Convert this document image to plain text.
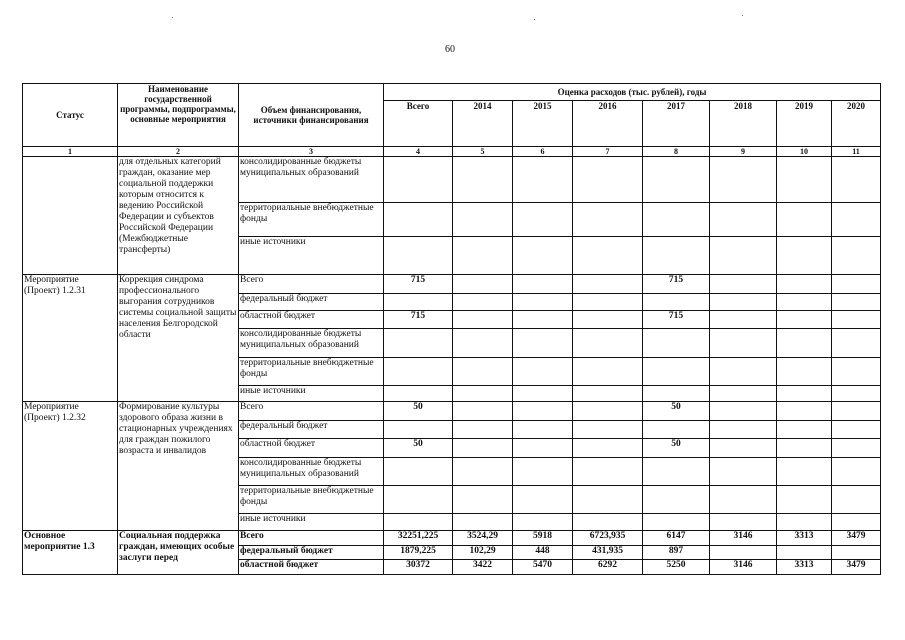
60
Статус	Наименование государственной программы, подпрограммы, основные мероприятия	Объем финансирования, источники финансирования	Оценка расходов (тыс. рублей), годы							
			Всего	2014	2015	2016	2017	2018	2019	2020
1	2	3	4	5	6	7	8	9	10	11
	для отдельных категорий граждан, оказание мер социальной поддержки которым относится к ведению Российской Федерации и субъектов Российской Федерации (Межбюджетные трансферты)	консолидированные бюджеты муниципальных образований								
		территориальные внебюджетные фонды								
		иные источники								
Мероприятие (Проект) 1.2.31	Коррекция синдрома профессионального выгорания сотрудников системы социальной защиты населения Белгородской области	Всего	715				715			
		федеральный бюджет								
		областной бюджет	715				715			
		консолидированные бюджеты муниципальных образований								
		территориальные внебюджетные фонды								
		иные источники								
Мероприятие (Проект) 1.2.32	Формирование культуры здорового образа жизни в стационарных учреждениях для граждан пожилого возраста и инвалидов	Всего	50				50			
		федеральный бюджет								
		областной бюджет	50				50			
		консолидированные бюджеты муниципальных образований								
		территориальные внебюджетные фонды								
		иные источники								
Основное мероприятие 1.3	Социальная поддержка граждан, имеющих особые заслуги перед	Всего	32251,225	3524,29	5918	6723,935	6147	3146	3313	3479
		федеральный бюджет	1879,225	102,29	448	431,935	897			
		областной бюджет	30372	3422	5470	6292	5250	3146	3313	3479
